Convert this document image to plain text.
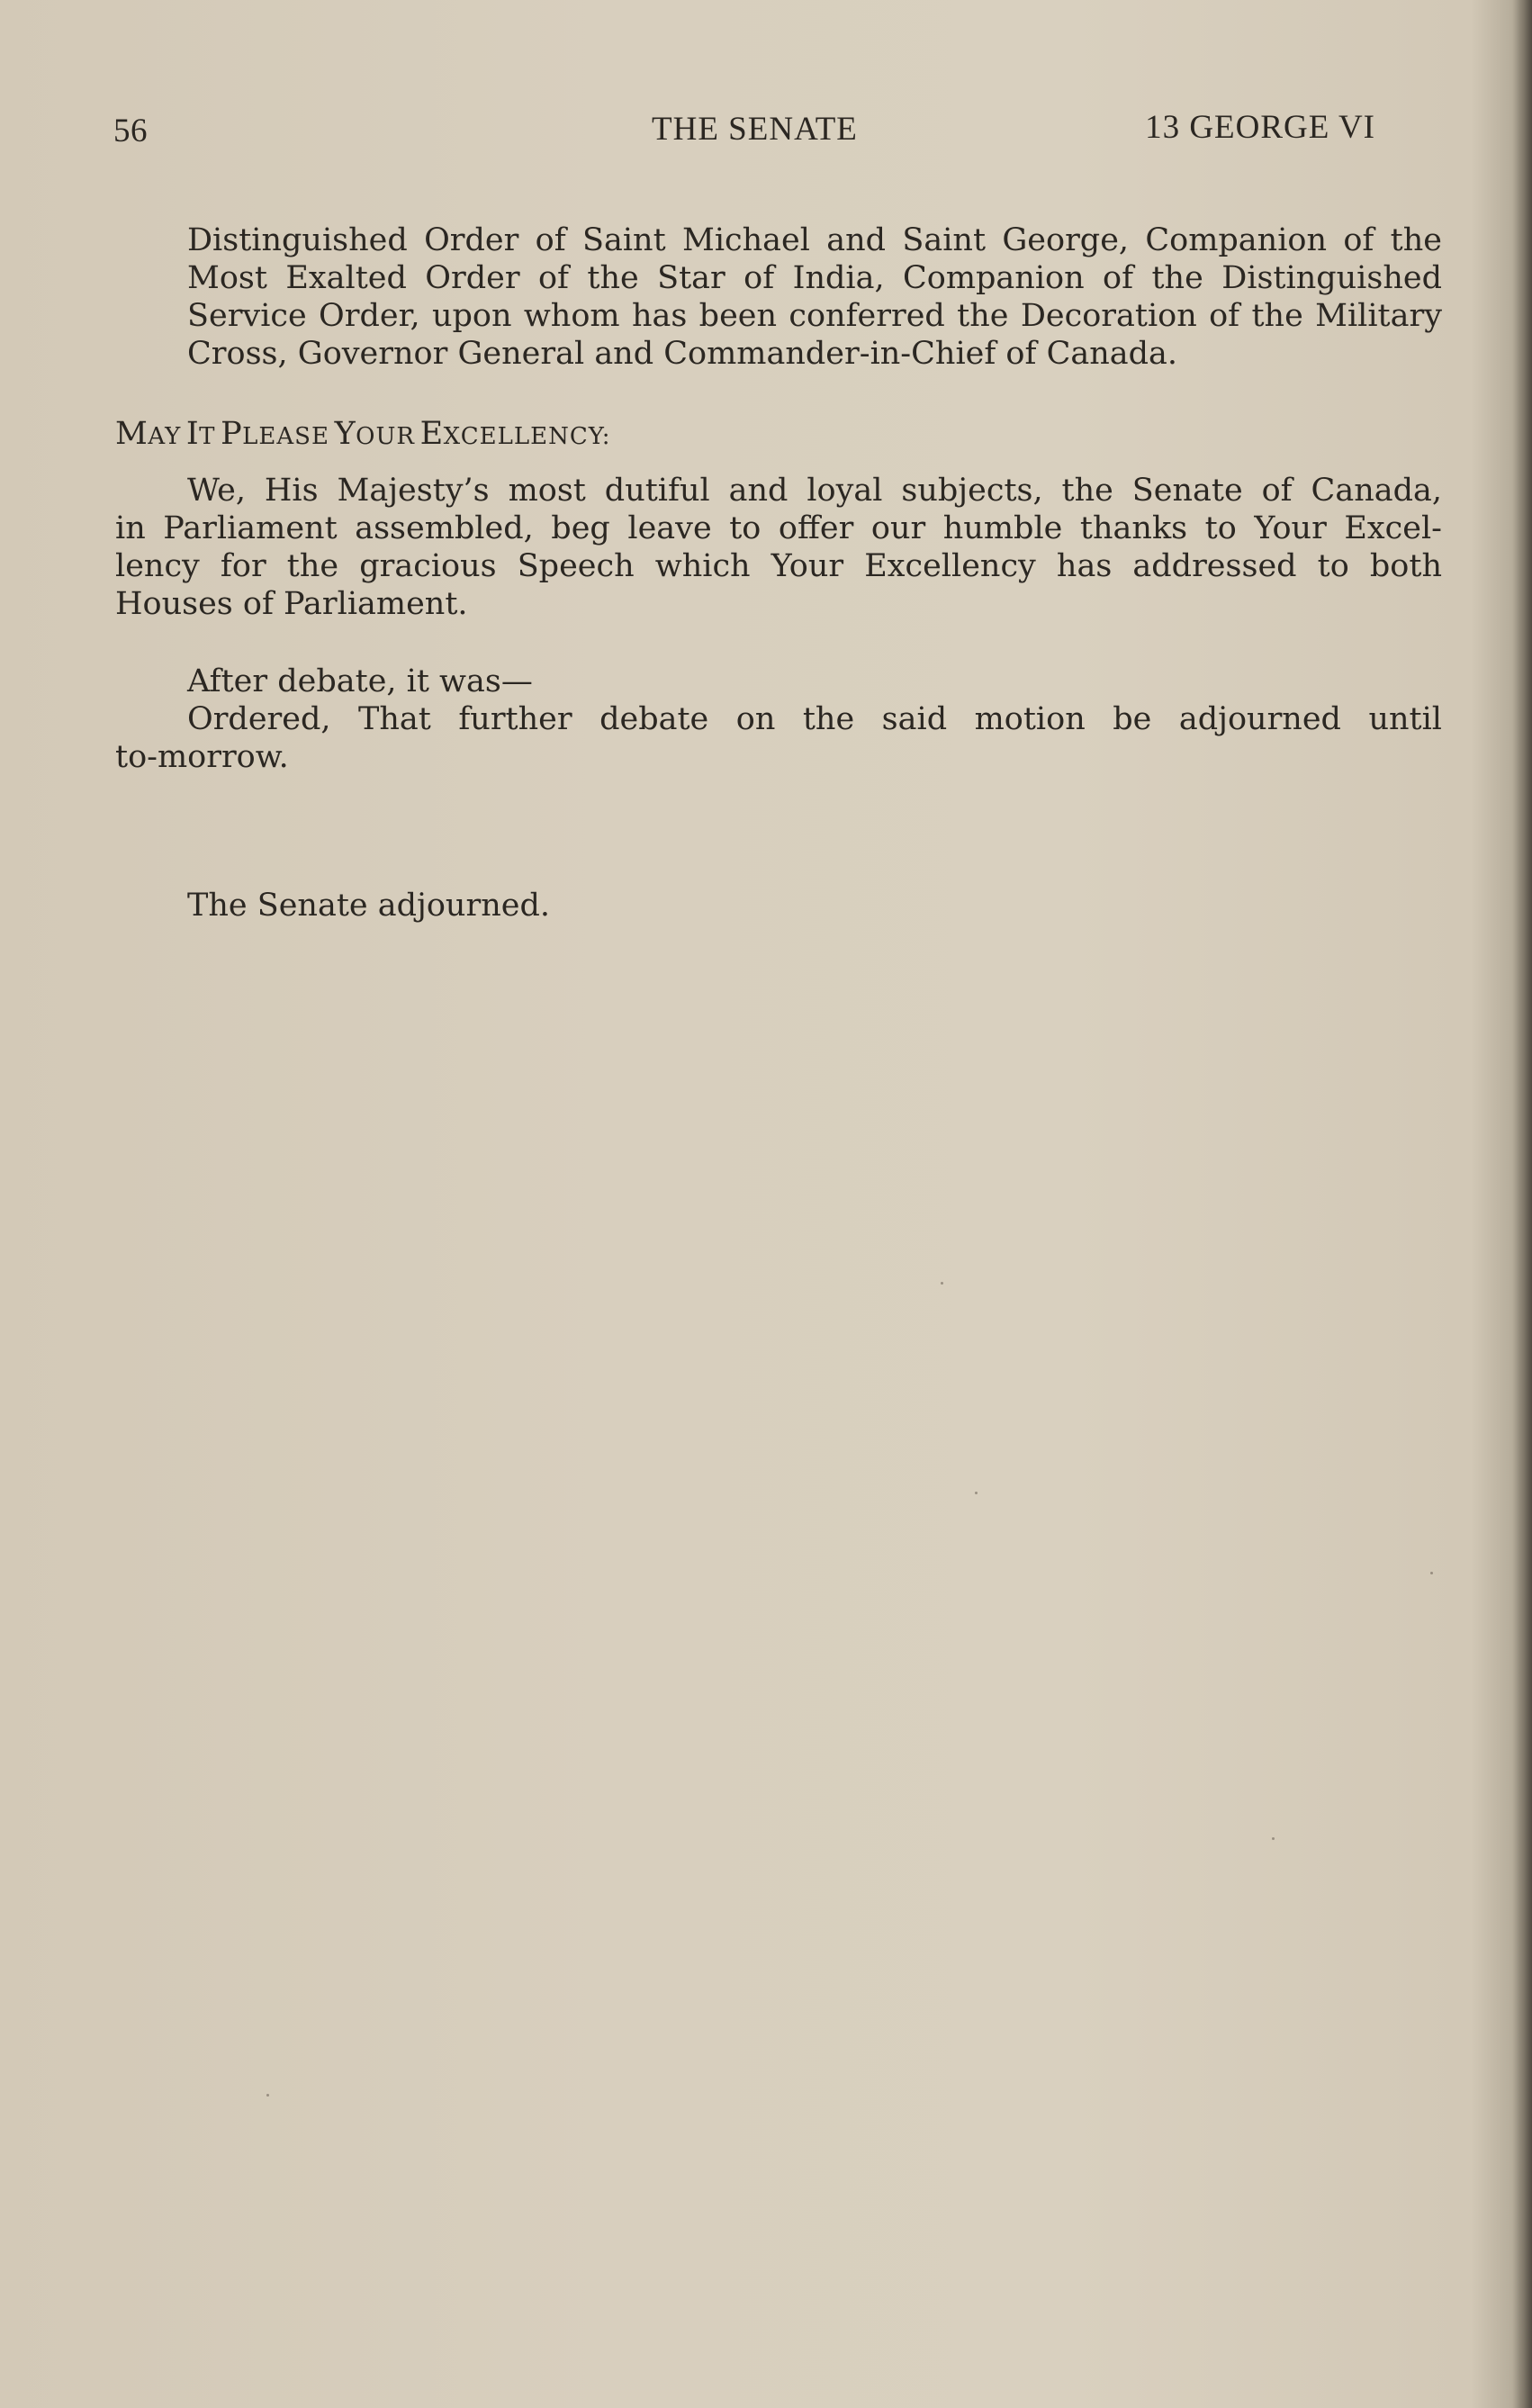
56	THE SENATE	13 GEORGE VI
Distinguished Order of Saint Michael and Saint George, Companion of the
Most Exalted Order of the Star of India, Companion of the Distinguished
Service Order, upon whom has been conferred the Decoration of the Military
Cross, Governor General and Commander-in-Chief of Canada.
MAY IT PLEASE YOUR EXCELLENCY:
We, His Majesty’s most dutiful and loyal subjects, the Senate of Canada,
in Parliament assembled, beg leave to offer our humble thanks to Your Excel-
lency for the gracious Speech which Your Excellency has addressed to both
Houses of Parliament.
After debate, it was—
Ordered, That further debate on the said motion be adjourned until
to-morrow.
The Senate adjourned.
